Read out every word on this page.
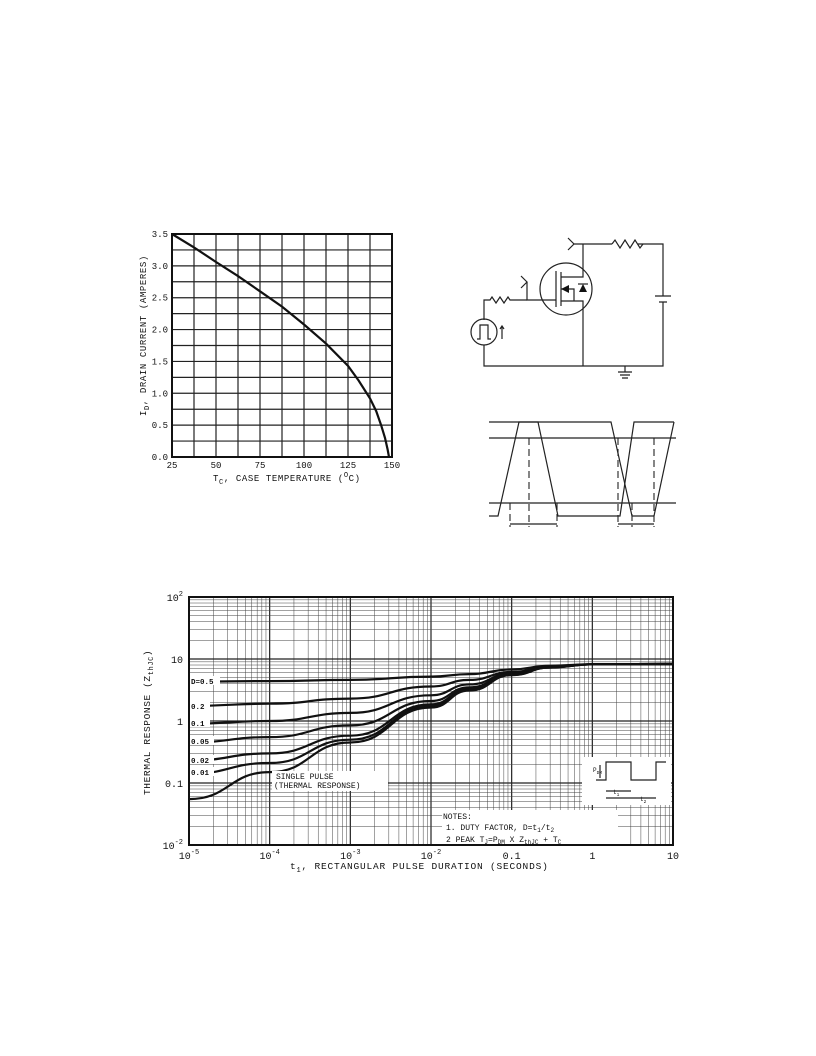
0.0
0.5
1.0
1.5
2.0
2.5
3.0
3.5
25	50	75	100	125	150
$T_C$, CASE TEMPERATURE ($^O$C)
$I_D$, DRAIN CURRENT (AMPERES)
$10^{-2}$
0.1
1
10
$10^2$
$10^{-5}$	$10^{-4}$	$10^{-3}$	$10^{-2}$	0.1	1	10
D=0.5
0.2
0.1
0.05
0.02
0.01	SINGLE PULSE
(THERMAL RESPONSE)
$P_{DM}$
$t_1$
$t_2$
NOTES:
1. DUTY FACTOR, $D=t_1/t_2$
2 PEAK $T_J=P_{DM}$ X $Z_{thJC} + T_C$
$t_1$, RECTANGULAR PULSE DURATION (SECONDS)
THERMAL RESPONSE $(Z_{thJC})$
